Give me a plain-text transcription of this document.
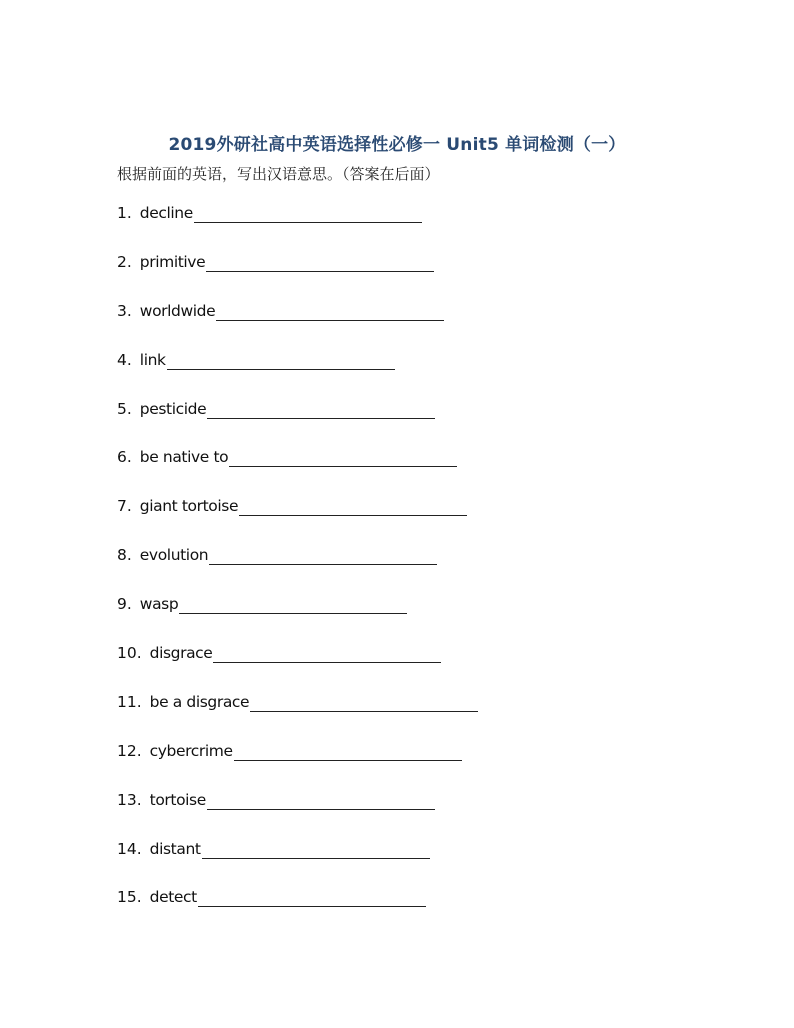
2019外研社高中英语选择性必修一 Unit5 单词检测（一）
根据前面的英语，写出汉语意思。（答案在后面）
1. decline
2. primitive
3. worldwide
4. link
5. pesticide
6. be native to
7. giant tortoise
8. evolution
9. wasp
10. disgrace
11. be a disgrace
12. cybercrime
13. tortoise
14. distant
15. detect
